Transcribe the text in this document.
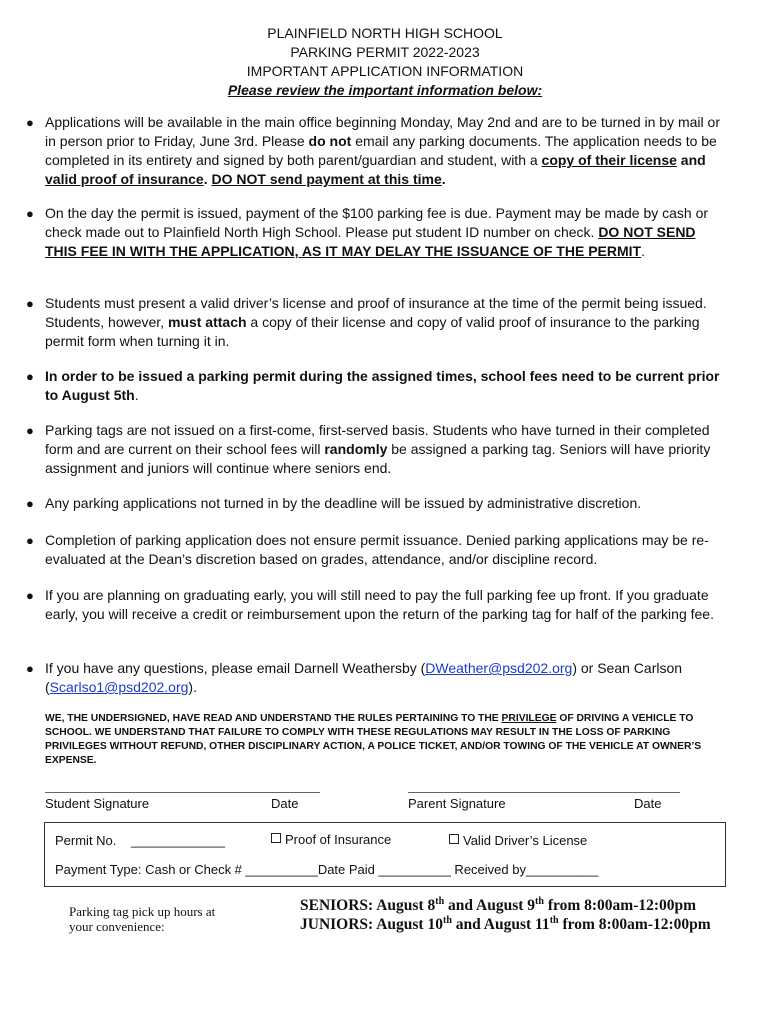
PLAINFIELD NORTH HIGH SCHOOL
PARKING PERMIT 2022-2023
IMPORTANT APPLICATION INFORMATION
Please review the important information below:
● Applications will be available in the main office beginning Monday, May 2nd and are to be turned in by mail or in person prior to Friday, June 3rd. Please do not email any parking documents. The application needs to be completed in its entirety and signed by both parent/guardian and student, with a copy of their license and valid proof of insurance. DO NOT send payment at this time.
● On the day the permit is issued, payment of the $100 parking fee is due. Payment may be made by cash or check made out to Plainfield North High School. Please put student ID number on check. DO NOT SEND THIS FEE IN WITH THE APPLICATION, AS IT MAY DELAY THE ISSUANCE OF THE PERMIT.
● Students must present a valid driver’s license and proof of insurance at the time of the permit being issued. Students, however, must attach a copy of their license and copy of valid proof of insurance to the parking permit form when turning it in.
● In order to be issued a parking permit during the assigned times, school fees need to be current prior to August 5th.
● Parking tags are not issued on a first-come, first-served basis. Students who have turned in their completed form and are current on their school fees will randomly be assigned a parking tag. Seniors will have priority assignment and juniors will continue where seniors end.
● Any parking applications not turned in by the deadline will be issued by administrative discretion.
● Completion of parking application does not ensure permit issuance. Denied parking applications may be re-evaluated at the Dean’s discretion based on grades, attendance, and/or discipline record.
● If you are planning on graduating early, you will still need to pay the full parking fee up front. If you graduate early, you will receive a credit or reimbursement upon the return of the parking tag for half of the parking fee.
● If you have any questions, please email Darnell Weathersby (DWeather@psd202.org) or Sean Carlson (Scarlso1@psd202.org).
WE, THE UNDERSIGNED, HAVE READ AND UNDERSTAND THE RULES PERTAINING TO THE PRIVILEGE OF DRIVING A VEHICLE TO SCHOOL. WE UNDERSTAND THAT FAILURE TO COMPLY WITH THESE REGULATIONS MAY RESULT IN THE LOSS OF PARKING PRIVILEGES WITHOUT REFUND, OTHER DISCIPLINARY ACTION, A POLICE TICKET, AND/OR TOWING OF THE VEHICLE AT OWNER’S EXPENSE.
Student Signature	Date	Parent Signature	Date
Permit No. _____________	Proof of Insurance	Valid Driver’s License
Payment Type: Cash or Check # __________Date Paid __________ Received by__________
Parking tag pick up hours at
your convenience:
SENIORS: August 8th and August 9th from 8:00am-12:00pm
JUNIORS: August 10th and August 11th from 8:00am-12:00pm
